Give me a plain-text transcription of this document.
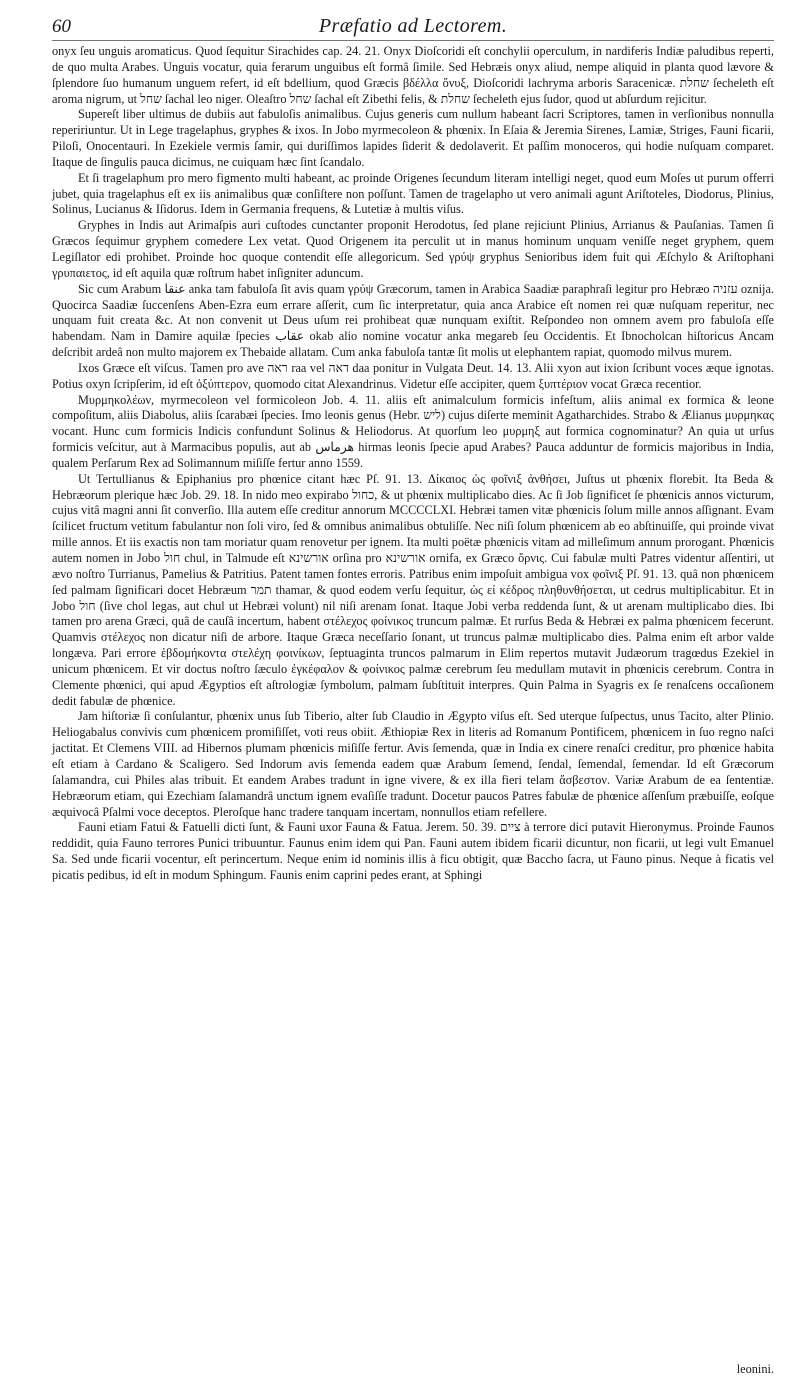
60	Præfatio ad Lectorem.

onyx ſeu unguis aromaticus. Quod ſequitur Sirachides cap. 24. 21. Onyx Dioſcoridi eſt conchylii operculum, in nardiferis Indiæ paludibus reperti, de quo multa Arabes. Unguis vocatur, quia ferarum unguibus eſt formâ ſimile. Sed Hebræis onyx aliud, nempe aliquid in planta quod lævore & ſplendore ſuo humanum unguem refert, id eſt bdellium, quod Græcis βδέλλα ὄνυξ, Dioſcoridi lachryma arboris Saracenicæ. שחלת ſecheleth eſt aroma nigrum, ut שחל ſachal leo niger. Oleaſtro שחל ſachal eſt Zibethi felis, & שחלת ſecheleth ejus ſudor, quod ut abſurdum rejicitur.

Supereſt liber ultimus de dubiis aut fabuloſis animalibus. Cujus generis cum nullum habeant ſacri Scriptores, tamen in verſionibus nonnulla repeririuntur. Ut in Lege tragelaphus, gryphes & ixos. In Jobo myrmecoleon & phœnix. In Eſaia & Jeremia Sirenes, Lamiæ, Striges, Fauni ficarii, Piloſi, Onocentauri. In Ezekiele vermis ſamir, qui duriſſimos lapides ſiderit & dedolaverit. Et paſſim monoceros, qui hodie nuſquam comparet. Itaque de ſingulis pauca dicimus, ne cuiquam hæc ſint ſcandalo.

Et ſi tragelaphum pro mero figmento multi habeant, ac proinde Origenes ſecundum literam intelligi neget, quod eum Moſes ut purum offerri jubet, quia tragelaphus eſt ex iis animalibus quæ conſiſtere non poſſunt. Tamen de tragelapho ut vero animali agunt Ariſtoteles, Diodorus, Plinius, Solinus, Lucianus & Iſidorus. Idem in Germania frequens, & Lutetiæ à multis viſus.

Gryphes in Indis aut Arimaſpis auri cuſtodes cunctanter proponit Herodotus, ſed plane rejiciunt Plinius, Arrianus & Pauſanias. Tamen ſi Græcos ſequimur gryphem comedere Lex vetat. Quod Origenem ita perculit ut in manus hominum unquam veniſſe neget gryphem, quem Legiſlator edi prohibet. Proinde hoc quoque contendit eſſe allegoricum. Sed γρύψ gryphus Senioribus idem fuit qui Æſchylo & Ariſtophani γρυπαιετος, id eſt aquila quæ roſtrum habet inſigniter aduncum.

Sic cum Arabum عنقا anka tam fabuloſa ſit avis quam γρύψ Græcorum, tamen in Arabica Saadiæ paraphraſi legitur pro Hebræo עזניה oznija. Quocirca Saadiæ ſuccenſens Aben-Ezra eum errare aſſerit, cum ſic interpretatur, quia anca Arabice eſt nomen rei quæ nuſquam reperitur, nec unquam fuit creata &c. At non convenit ut Deus uſum rei prohibeat quæ nunquam exiſtit. Reſpondeo non omnem avem pro fabuloſa eſſe habendam. Nam in Damire aquilæ ſpecies عقاب okab alio nomine vocatur anka megareb ſeu Occidentis. Et Ibnocholcan hiſtoricus Ancam deſcribit ardeâ non multo majorem ex Thebaide allatam. Cum anka fabuloſa tantæ ſit molis ut elephantem rapiat, quomodo milvus murem.

Ixos Græce eſt viſcus. Tamen pro ave ראה raa vel דאה daa ponitur in Vulgata Deut. 14. 13. Alii xyon aut ixion ſcribunt voces æque ignotas. Potius oxyn ſcripſerim, id eſt ὀξύπτερον, quomodo citat Alexandrinus. Videtur eſſe accipiter, quem ξυπτέριον vocat Græca recentior.

Μυρμηκολέων, myrmecoleon vel formicoleon Job. 4. 11. aliis eſt animalculum formicis infeſtum, aliis animal ex formica & leone compoſitum, aliis Diabolus, aliis ſcarabæi ſpecies. Imo leonis genus (Hebr. ליש) cujus diſerte meminit Agatharchides. Strabo & Ælianus μυρμηκας vocant. Hunc cum formicis Indicis confundunt Solinus & Heliodorus. At quorſum leo μυρμηξ aut formica cognominatur? An quia ut urſus formicis veſcitur, aut à Marmacibus populis, aut ab هرماس hirmas leonis ſpecie apud Arabes? Pauca adduntur de formicis majoribus in India, qualem Perſarum Rex ad Solimannum miſiſſe fertur anno 1559.

Ut Tertullianus & Epiphanius pro phœnice citant hæc Pſ. 91. 13. Δίκαιος ὡς φοῖνιξ ἀνθήσει, Juſtus ut phœnix florebit. Ita Beda & Hebræorum plerique hæc Job. 29. 18. In nido meo expirabo כחול, & ut phœnix multiplicabo dies. Ac ſi Job ſignificet ſe phœnicis annos victurum, cujus vitâ magni anni ſit converſio. Illa autem eſſe creditur annorum MCCCCLXI. Hebræi tamen vitæ phœnicis ſolum mille annos aſſignant. Evam ſcilicet fructum vetitum fabulantur non ſoli viro, ſed & omnibus animalibus obtuliſſe. Nec niſi ſolum phœnicem ab eo abſtinuiſſe, qui proinde vivat mille annos. Et iis exactis non tam moriatur quam renovetur per ignem. Ita multi poëtæ phœnicis vitam ad milleſimum annum prorogant. Phœnicis autem nomen in Jobo חול chul, in Talmude eſt אורשינא orſina pro אורשינא ornifa, ex Græco ὄρνις. Cui fabulæ multi Patres videntur aſſentiri, ut ævo noſtro Turrianus, Pamelius & Patritius. Patent tamen fontes erroris. Patribus enim impoſuit ambigua vox φοῖνιξ Pſ. 91. 13. quâ non phœnicem ſed palmam ſignificari docet Hebræum תמר thamar, & quod eodem verſu ſequitur, ὡς εἰ κέδρος πληθυνθήσεται, ut cedrus multiplicabitur. Et in Jobo חול (ſive chol legas, aut chul ut Hebræi volunt) nil niſi arenam ſonat. Itaque Jobi verba reddenda ſunt, & ut arenam multiplicabo dies. Ibi tamen pro arena Græci, quâ de cauſâ incertum, habent στέλεχος φοίνικος truncum palmæ. Et rurſus Beda & Hebræi ex palma phœnicem fecerunt. Quamvis στέλεχος non dicatur niſi de arbore. Itaque Græca neceſſario ſonant, ut truncus palmæ multiplicabo dies. Palma enim eſt arbor valde longæva. Pari errore ἑβδομήκοντα στελέχη φοινίκων, ſeptuaginta truncos palmarum in Elim repertos mutavit Judæorum tragœdus Ezekiel in unicum phœnicem. Et vir doctus noſtro ſæculo ἐγκέφαλον & φοίνικος palmæ cerebrum ſeu medullam mutavit in phœnicis cerebrum. Contra in Clemente phœnici, qui apud Ægyptios eſt aſtrologiæ ſymbolum, palmam ſubſtituit interpres. Quin Palma in Syagris ex ſe renaſcens occaſionem dedit fabulæ de phœnice.

Jam hiſtoriæ ſi conſulantur, phœnix unus ſub Tiberio, alter ſub Claudio in Ægypto viſus eſt. Sed uterque ſuſpectus, unus Tacito, alter Plinio. Heliogabalus convivis cum phœnicem promiſiſſet, voti reus obiit. Æthiopiæ Rex in literis ad Romanum Pontificem, phœnicem in ſuo regno naſci jactitat. Et Clemens VIII. ad Hibernos plumam phœnicis miſiſſe fertur. Avis ſemenda, quæ in India ex cinere renaſci creditur, pro phœnice habita eſt etiam à Cardano & Scaligero. Sed Indorum avis ſemenda eadem quæ Arabum ſemend, ſendal, ſemendal, ſemendar. Id eſt Græcorum ſalamandra, cui Philes alas tribuit. Et eandem Arabes tradunt in igne vivere, & ex illa fieri telam ἄσβεστον. Variæ Arabum de ea ſententiæ. Hebræorum etiam, qui Ezechiam ſalamandrâ unctum ignem evaſiſſe tradunt. Docetur paucos Patres fabulæ de phœnice aſſenſum præbuiſſe, eoſque æquivocâ Pſalmi voce deceptos. Pleroſque hanc tradere tanquam incertam, nonnullos etiam refellere.

Fauni etiam Fatui & Fatuelli dicti ſunt, & Fauni uxor Fauna & Fatua. Jerem. 50. 39. ציים à terrore dici putavit Hieronymus. Proinde Faunos reddidit, quia Fauno terrores Punici tribuuntur. Faunus enim idem qui Pan. Fauni autem ibidem ficarii dicuntur, non ficarii, ut legi vult Emanuel Sa. Sed unde ficarii vocentur, eſt perincertum. Neque enim id nominis illis à ficu obtigit, quæ Baccho ſacra, ut Fauno pinus. Neque à ficatis vel picatis pedibus, id eſt in modum Sphingum. Faunis enim caprini pedes erant, at Sphingi

leonini.
